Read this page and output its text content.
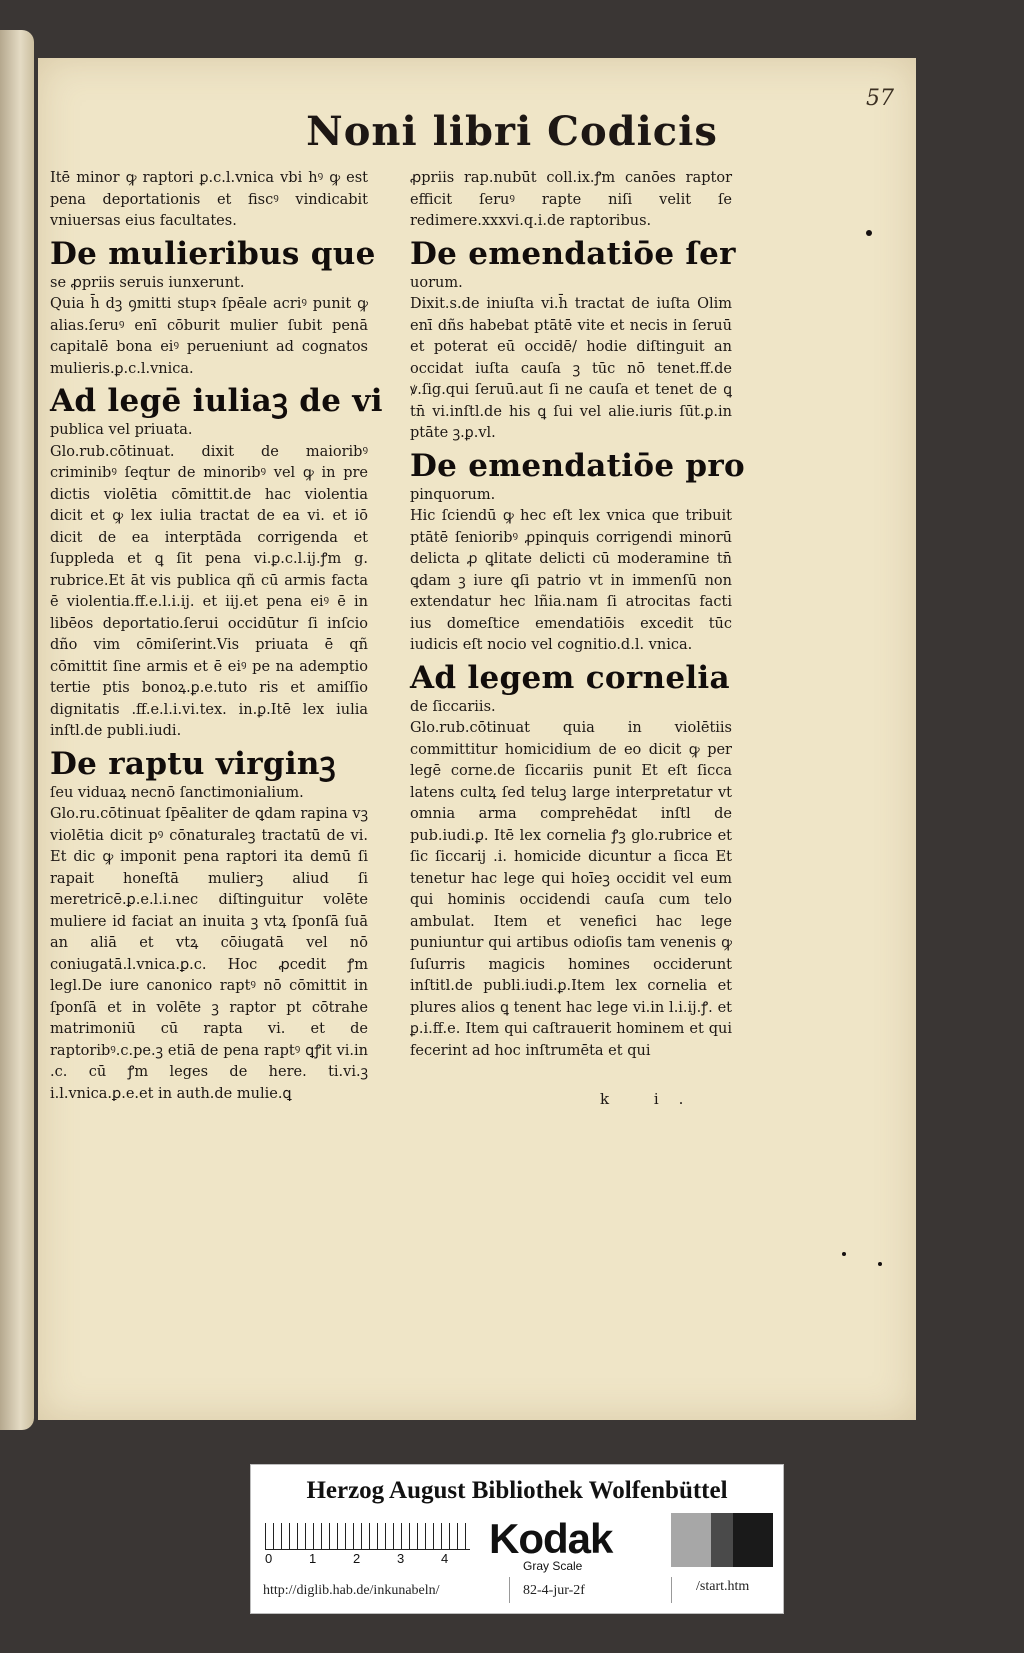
57
Noni libri Codicis

Itē minor ꝙ raptori ꝑ.c.l.vnica vbi hꝰ ꝙ est pena deportationis et fiscꝰ vindicabit vniuersas eius facultates.

De mulieribus que

se ꝓpriis seruis iunxerunt.

Quia h̄ dꝫ ꝯmitti stupꝛ ſpēale acriꝰ punit ꝙ alias.ſeruꝰ enī cōburit mulier ſubit penā capitalē bona eiꝰ perueniunt ad cognatos mulieris.ꝑ.c.l.vnica.

Ad legē iuliaꝫ de vi

publica vel priuata.

Glo.rub.cōtinuat. dixit de maioribꝰ criminibꝰ ſeqtur de minoribꝰ vel ꝙ in pre dictis violētia cōmittit.de hac violentia dicit et ꝙ lex iulia tractat de ea vi. et iō dicit de ea interptāda corrigenda et ſuppleda et ꝗ ſit pena vi.ꝑ.c.l.ij.ꝭm g. rubrice.Et āt vis publica qñ cū armis facta ē violentia.ff.e.l.i.ij. et iij.et pena eiꝰ ē in libēos deportatio.ſerui occidūtur ſi inſcio dño vim cōmiſerint.Vis priuata ē qñ cōmittit ſine armis et ē eiꝰ pe na ademptio tertie ptis bonoꝝ.ꝑ.e.tuto ris et amiſſio dignitatis .ff.e.l.i.vi.tex. in.ꝑ.Itē lex iulia inſtl.de publi.iudi.

De raptu virginꝫ

ſeu viduaꝝ necnō ſanctimonialium.

Glo.ru.cōtinuat ſpēaliter de ꝗdam rapina vꝫ violētia dicit pꝰ cōnaturaleꝫ tractatū de vi. Et dic ꝙ imponit pena raptori ita demū ſi rapait honeſtā mulierꝫ aliud ſi meretricē.ꝑ.e.l.i.nec diſtinguitur volēte muliere id faciat an inuita ꝫ vtꝝ ſponſā ſuā an aliā et vtꝝ cōiugatā vel nō coniugatā.l.vnica.ꝑ.c. Hoc ꝓcedit ꝭm legl.De iure canonico raptꝰ nō cōmittit in ſponſā et in volēte ꝫ raptor pt cōtrahe matrimoniū cū rapta vi. et de raptoribꝰ.c.pe.ꝫ etiā de pena raptꝰ ꝗꝭit vi.in .c. cū ꝭm leges de here. ti.vi.ꝫ i.l.vnica.ꝑ.e.et in auth.de mulie.ꝗ

ꝓpriis rap.nubūt coll.ix.ꝭm canōes raptor efficit ſeruꝰ rapte niſi velit ſe redimere.xxxvi.q.i.de raptoribus.

De emendatiōe ſer

uorum.

Dixit.s.de iniuſta vi.h̄ tractat de iuſta Olim enī dñs habebat ptātē vite et necis in ſeruū et poterat eū occidē/ hodie diſtinguit an occidat iuſta cauſa ꝫ tūc nō tenet.ff.de ꝟ.ſig.qui ſeruū.aut ſi ne cauſa et tenet de ꝗ tn̄ vi.inſtl.de his ꝗ ſui vel alie.iuris ſūt.ꝑ.in ptāte ꝫ.ꝑ.vl.

De emendatiōe pro

pinquorum.

Hic ſciendū ꝙ hec eſt lex vnica que tribuit ptātē ſenioribꝰ ꝓpinquis corrigendi minorū delicta ꝓ ꝗlitate delicti cū moderamine tn̄ ꝗdam ꝫ iure ꝗſi patrio vt in immenſū non extendatur hec lñia.nam ſi atrocitas facti ius domeſtice emendatiōis excedit tūc iudicis eſt nocio vel cognitio.d.l. vnica.

Ad legem cornelia

de ſiccariis.

Glo.rub.cōtinuat quia in violētiis committitur homicidium de eo dicit ꝙ per legē corne.de ſiccariis punit Et eſt ſicca latens cultꝝ ſed teluꝫ large interpretatur vt omnia arma comprehēdat inſtl de pub.iudi.ꝑ. Itē lex cornelia ꝭꝫ glo.rubrice et ſic ſiccarij .i. homicide dicuntur a ſicca Et tenetur hac lege qui hoīeꝫ occidit vel eum qui hominis occidendi cauſa cum telo ambulat. Item et venefici hac lege puniuntur qui artibus odioſis tam venenis ꝙ ſuſurris magicis homines occiderunt inſtitl.de publi.iudi.ꝑ.Item lex cornelia et plures alios ꝗ tenent hac lege vi.in l.i.ij.ꝭ. et ꝑ.i.ff.e. Item qui caſtrauerit hominem et qui fecerint ad hoc inſtrumēta et qui

k i.
Herzog August Bibliothek Wolfenbüttel
0	1	2	3	4 Kodak
Gray Scale
http://diglib.hab.de/inkunabeln/	82-4-jur-2f	/start.htm
